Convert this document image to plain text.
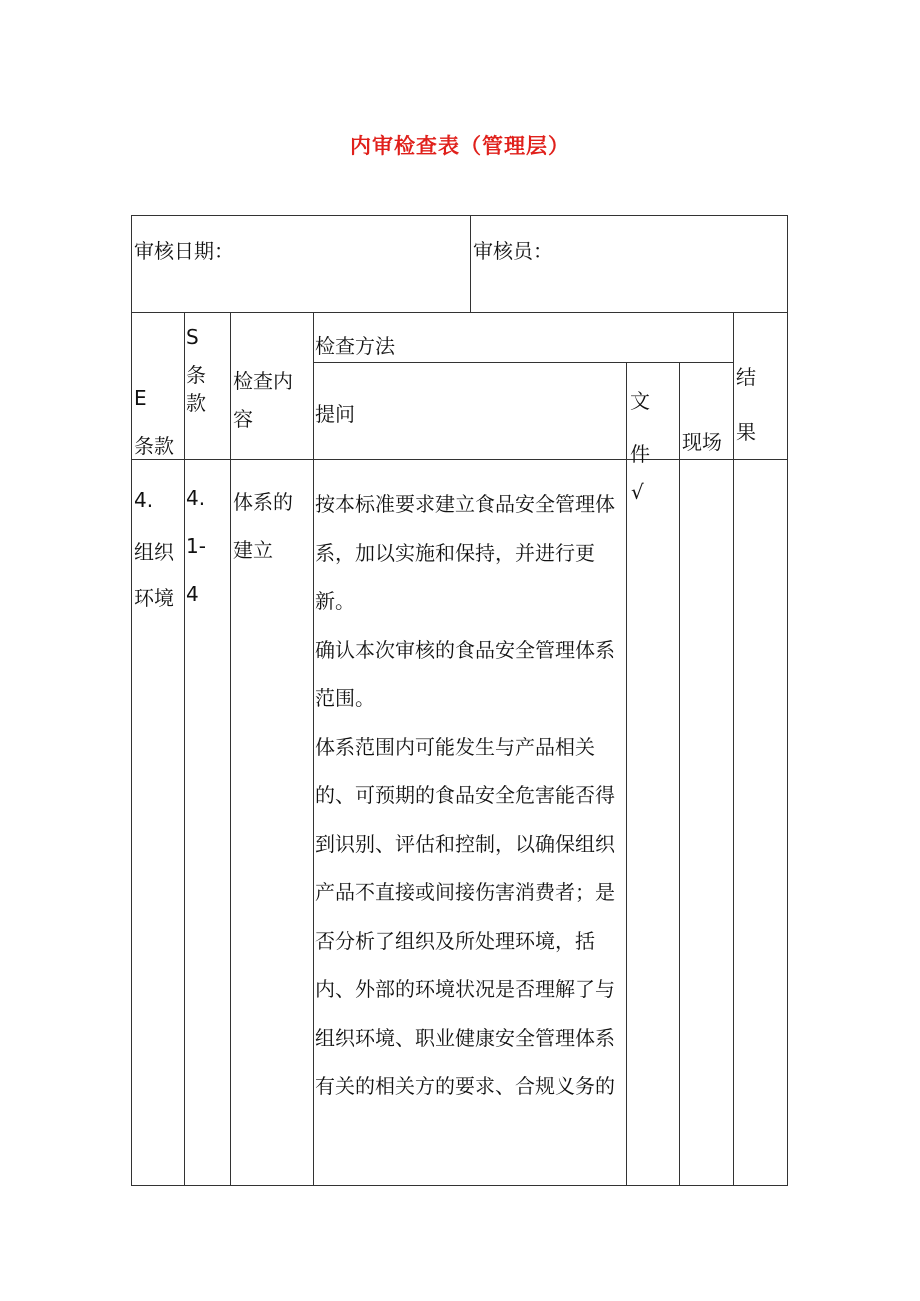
内审检查表（管理层）
审核日期：	审核员：
E
条款
S
条
款
检查内
容
检查方法
提问
文
件 现场
结
果
4.
组织
环境
4.
1-
4
体系的
建立
按本标准要求建立食品安全管理体系，加以实施和保持，并进行更新。
确认本次审核的食品安全管理体系范围。
体系范围内可能发生与产品相关的、可预期的食品安全危害能否得到识别、评估和控制，以确保组织产品不直接或间接伤害消费者；是否分析了组织及所处理环境，括内、外部的环境状况是否理解了与组织环境、职业健康安全管理体系有关的相关方的要求、合规义务的
√
